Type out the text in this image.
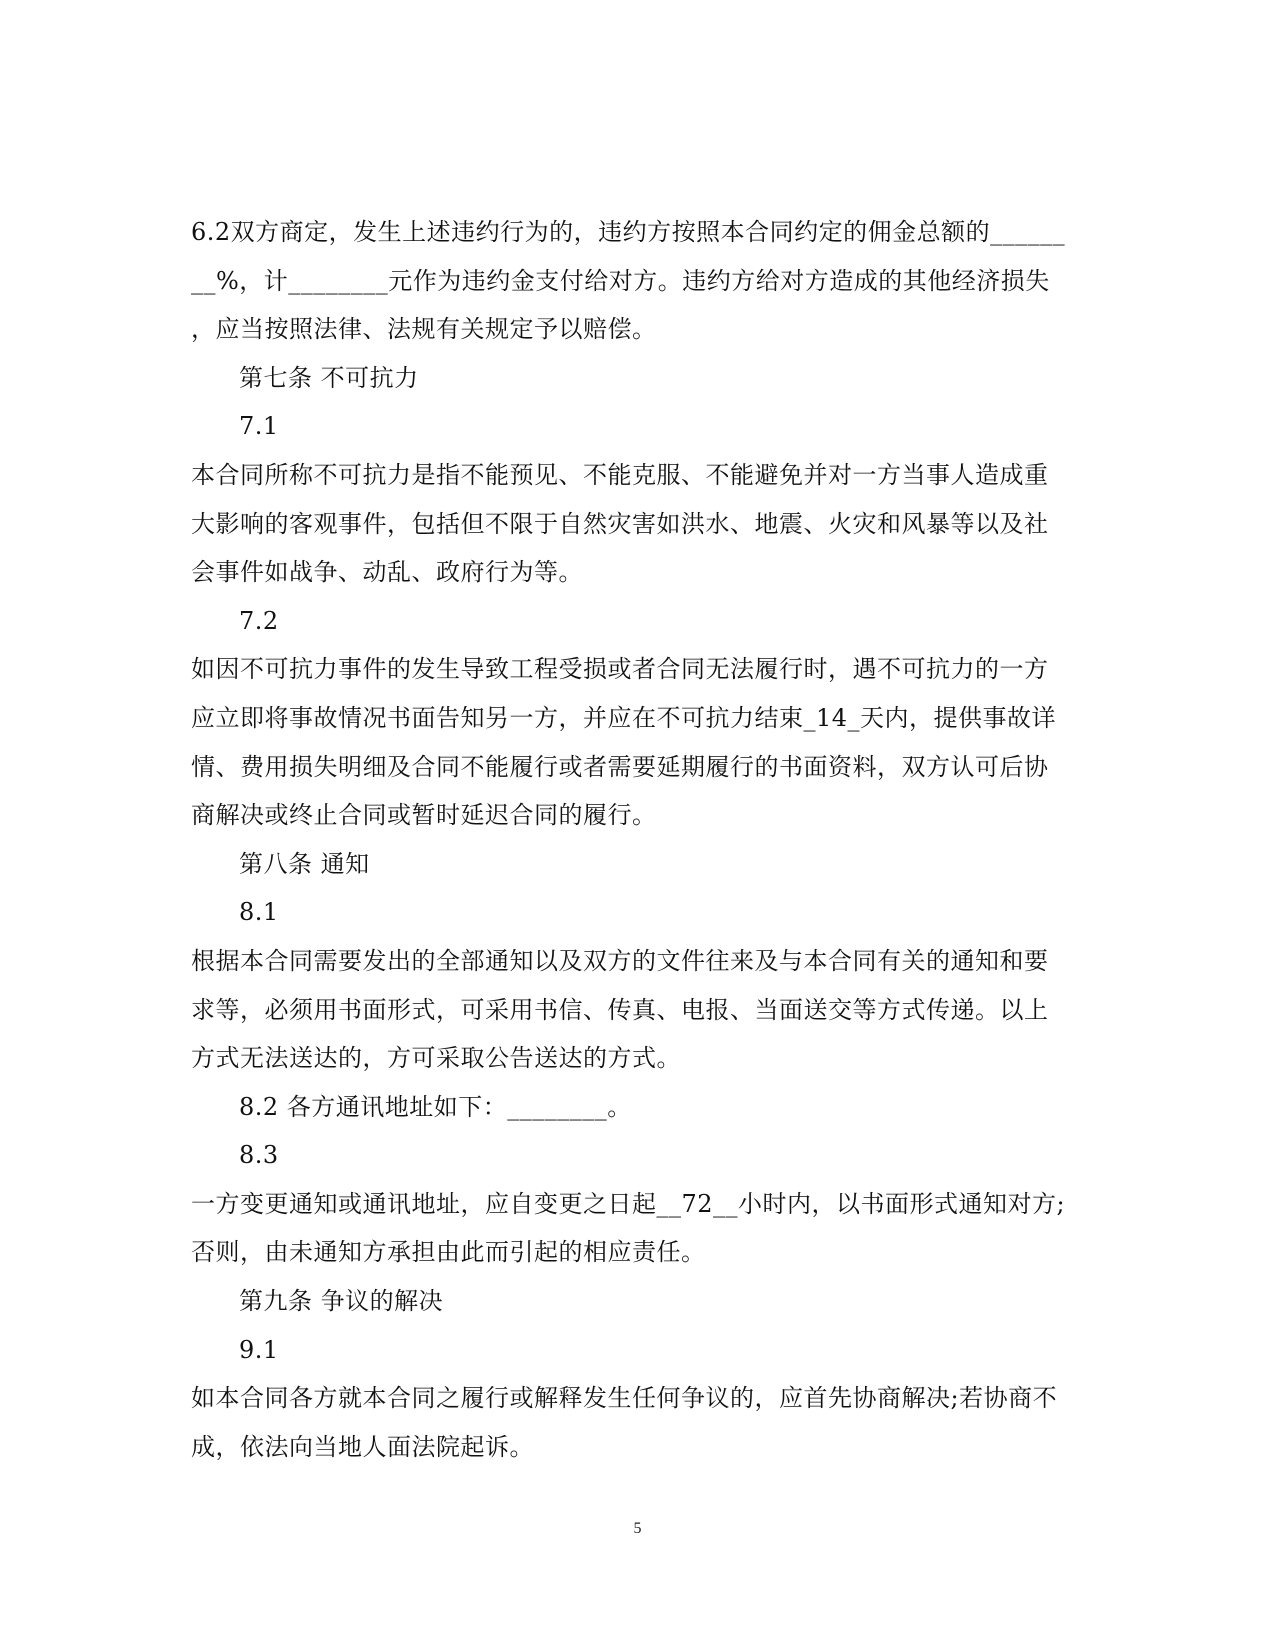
6.2双方商定，发生上述违约行为的，违约方按照本合同约定的佣金总额的______
__%，计________元作为违约金支付给对方。违约方给对方造成的其他经济损失
，应当按照法律、法规有关规定予以赔偿。
第七条 不可抗力
7.1
本合同所称不可抗力是指不能预见、不能克服、不能避免并对一方当事人造成重
大影响的客观事件，包括但不限于自然灾害如洪水、地震、火灾和风暴等以及社
会事件如战争、动乱、政府行为等。
7.2
如因不可抗力事件的发生导致工程受损或者合同无法履行时，遇不可抗力的一方
应立即将事故情况书面告知另一方，并应在不可抗力结束_14_天内，提供事故详
情、费用损失明细及合同不能履行或者需要延期履行的书面资料，双方认可后协
商解决或终止合同或暂时延迟合同的履行。
第八条 通知
8.1
根据本合同需要发出的全部通知以及双方的文件往来及与本合同有关的通知和要
求等，必须用书面形式，可采用书信、传真、电报、当面送交等方式传递。以上
方式无法送达的，方可采取公告送达的方式。
8.2 各方通讯地址如下：________。
8.3
一方变更通知或通讯地址，应自变更之日起__72__小时内，以书面形式通知对方;
否则，由未通知方承担由此而引起的相应责任。
第九条 争议的解决
9.1
如本合同各方就本合同之履行或解释发生任何争议的，应首先协商解决;若协商不
成，依法向当地人面法院起诉。
5
